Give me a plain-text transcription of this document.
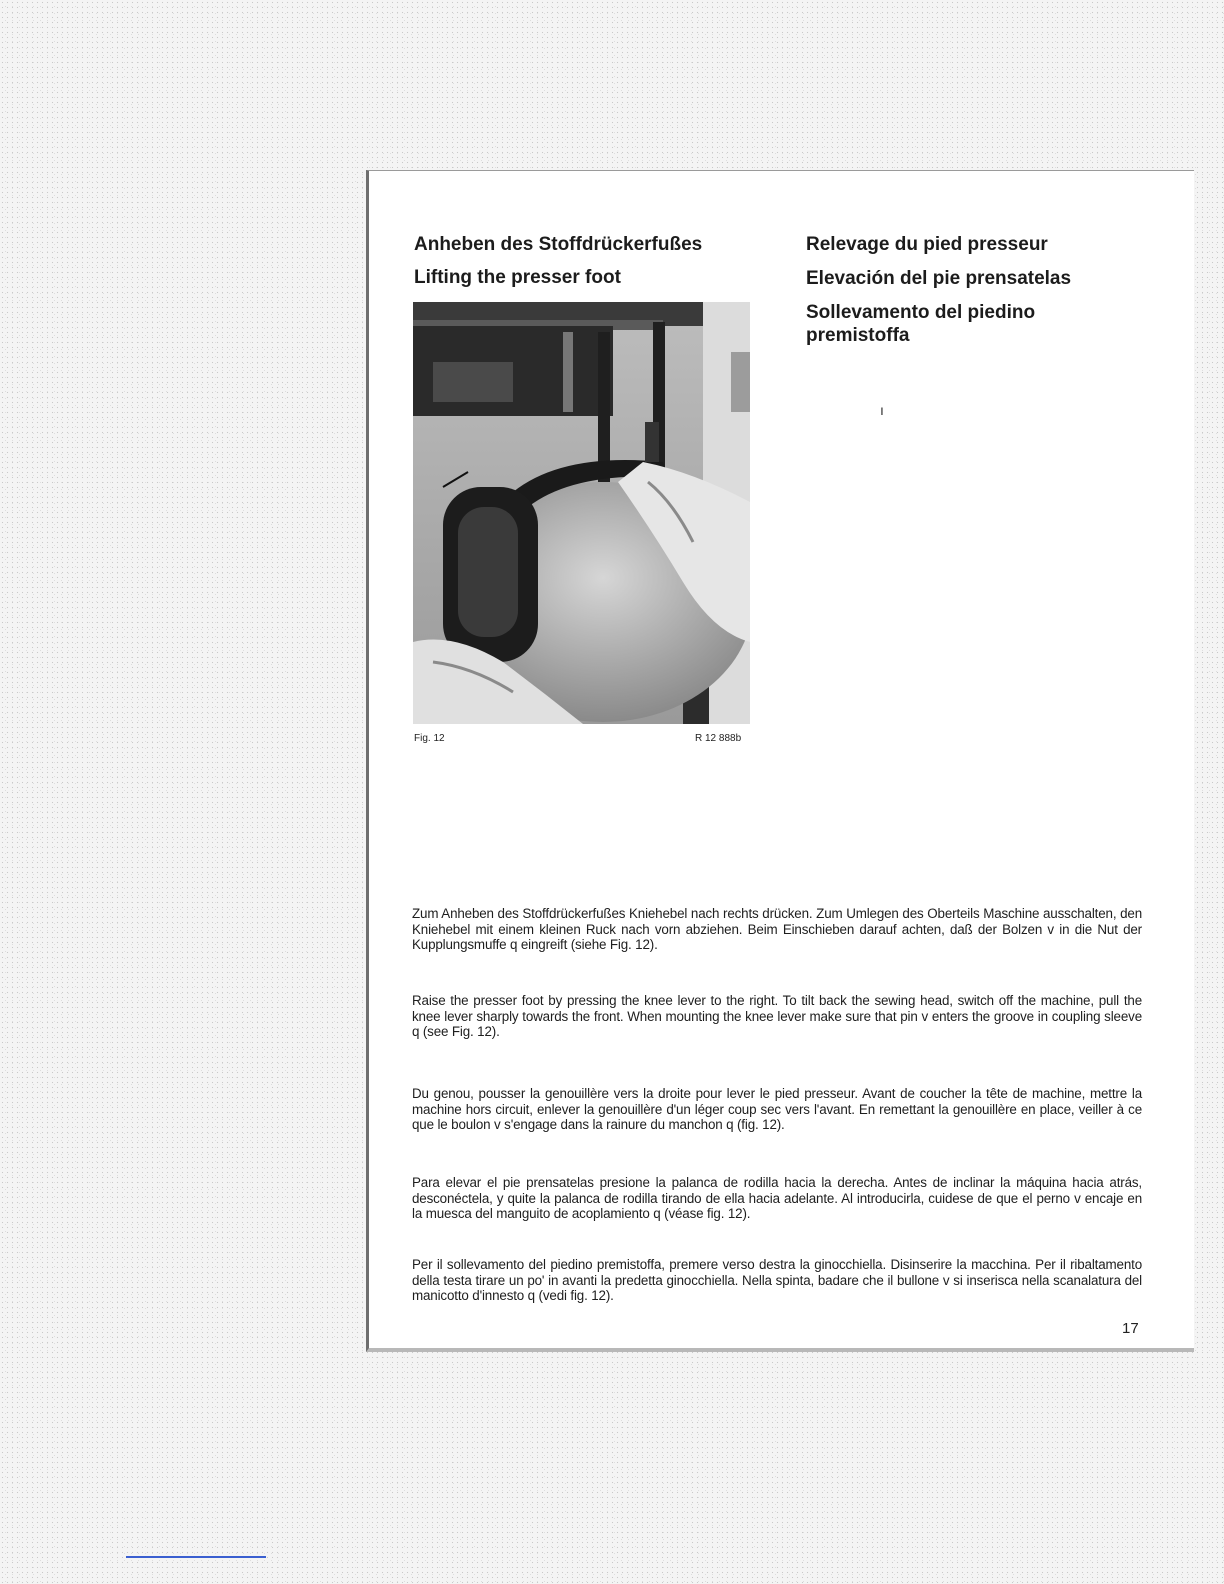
Anheben des Stoffdrückerfußes
Lifting the presser foot
Relevage du pied presseur
Elevación del pie prensatelas
Sollevamento del piedino
premistoffa
ı
Fig. 12	R 12 888b

Zum Anheben des Stoffdrückerfußes Kniehebel nach rechts drücken. Zum Umlegen des Oberteils Maschine ausschalten, den Kniehebel mit einem kleinen Ruck nach vorn abziehen. Beim Einschieben darauf achten, daß der Bolzen v in die Nut der Kupplungsmuffe q eingreift (siehe Fig. 12).

Raise the presser foot by pressing the knee lever to the right. To tilt back the sewing head, switch off the machine, pull the knee lever sharply towards the front. When mounting the knee lever make sure that pin v enters the groove in coupling sleeve q (see Fig. 12).

Du genou, pousser la genouillère vers la droite pour lever le pied presseur. Avant de coucher la tête de machine, mettre la machine hors circuit, enlever la genouillère d'un léger coup sec vers l'avant. En remettant la genouillère en place, veiller à ce que le boulon v s'engage dans la rainure du manchon q (fig. 12).

Para elevar el pie prensatelas presione la palanca de rodilla hacia la derecha. Antes de inclinar la máquina hacia atrás, desconéctela, y quite la palanca de rodilla tirando de ella hacia adelante. Al introducirla, cuidese de que el perno v encaje en la muesca del manguito de acoplamiento q (véase fig. 12).

Per il sollevamento del piedino premistoffa, premere verso destra la ginocchiella. Disinserire la macchina. Per il ribaltamento della testa tirare un po' in avanti la predetta ginocchiella. Nella spinta, badare che il bullone v si inserisca nella scanalatura del manicotto d'innesto q (vedi fig. 12).

17
